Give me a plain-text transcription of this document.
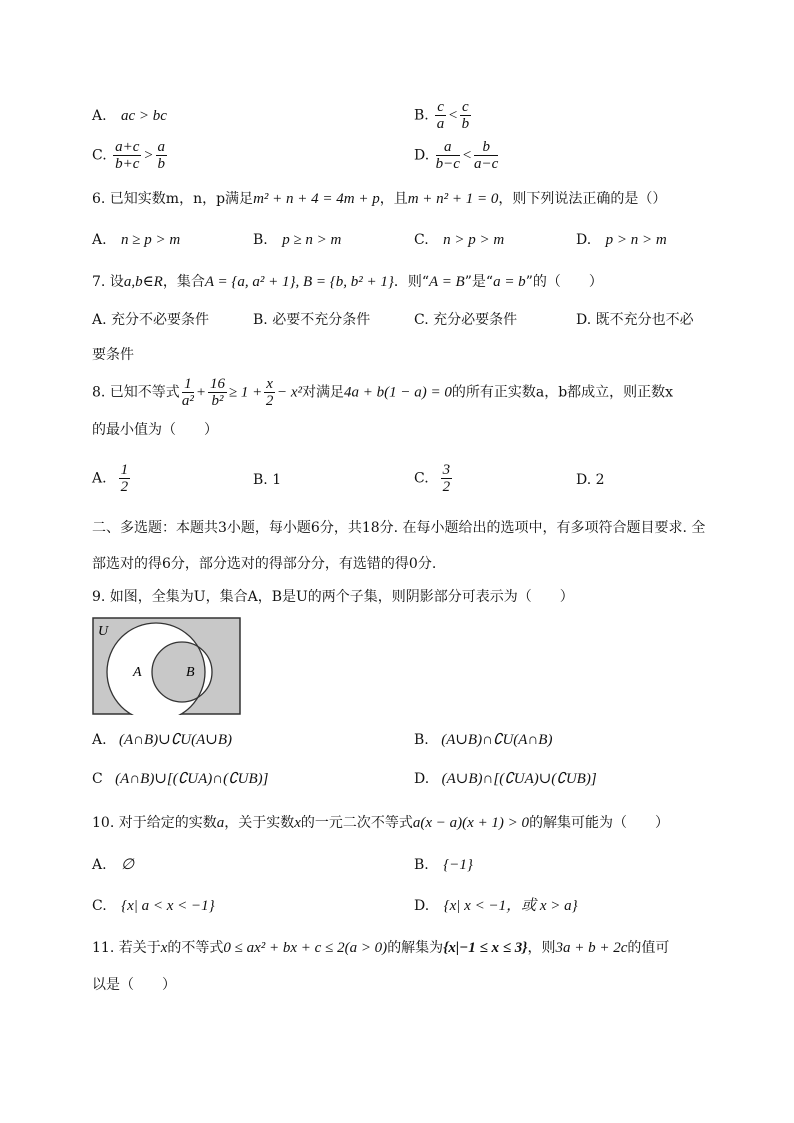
A. ac > bc	B. $\frac{c}{a} < \frac{c}{b}$
C. $\frac{a+c}{b+c} > \frac{a}{b}$	D. $\frac{a}{b-c} < \frac{b}{a-c}$
6. 已知实数m，n，p满足m² + n + 4 = 4m + p，且m + n² + 1 = 0，则下列说法正确的是（）
A. n ≥ p > m	B. p ≥ n > m	C. n > p > m	D. p > n > m
7. 设a,b∈R，集合A = {a, a² + 1}, B = {b, b² + 1}．则“A = B”是“a = b”的（　　）
A. 充分不必要条件	B. 必要不充分条件	C. 充分必要条件	D. 既不充分也不必
要条件
8. 已知不等式 $\frac{1}{\text{a²}} + \frac{16}{\text{b²}} \ge 1 + \frac{x}{2} - x^2$对满足4a + b(1 − a) = 0的所有正实数a，b都成立，则正数x
的最小值为（　　）
A. $\frac{1}{2}$	B. 1	C. $\frac{3}{2}$	D. 2
二、多选题：本题共3小题，每小题6分，共18分. 在每小题给出的选项中，有多项符合题目要求. 全部选对的得6分，部分选对的得部分分，有选错的得0分.
9. 如图，全集为U，集合A，B是U的两个子集，则阴影部分可表示为（　　）
U
A	B
A. (A∩B)∪∁U(A∪B)	B. (A∪B)∩∁U(A∩B)
C (A∩B)∪[(∁UA)∩(∁UB)]	D. (A∪B)∩[(∁UA)∪(∁UB)]
10. 对于给定的实数a，关于实数x的一元二次不等式a(x − a)(x + 1) > 0的解集可能为（　　）
A. ∅	B. {−1}
C. {x| a < x < −1}	D. {x| x < −1，或 x > a}
11. 若关于x的不等式0 ≤ ax² + bx + c ≤ 2(a > 0)的解集为{x|−1 ≤ x ≤ 3}，则3a + b + 2c的值可
以是（　　）
